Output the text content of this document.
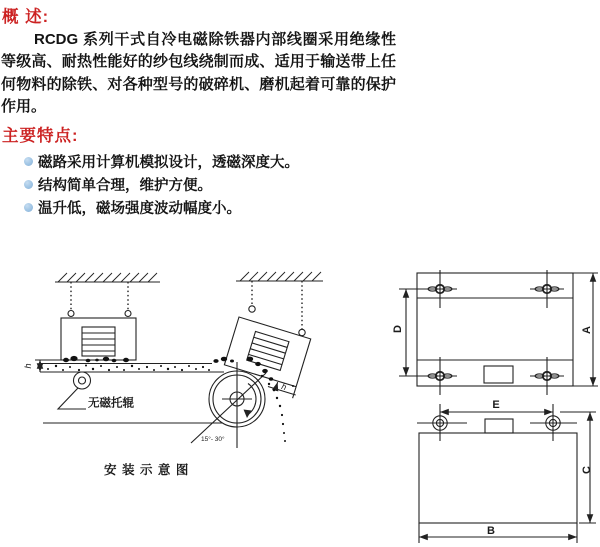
概 述:

RCDG 系列干式自冷电磁除铁器内部线圈采用绝缘性等级高、耐热性能好的纱包线绕制而成、适用于输送带上任何物料的除铁、对各种型号的破碎机、磨机起着可靠的保护作用。

主要特点:
磁路采用计算机模拟设计，透磁深度大。
结构简单合理，维护方便。
温升低，磁场强度波动幅度小。
h
h
无磁托辊
15°- 30°
安 装 示 意 图
D	A
E
C
B
